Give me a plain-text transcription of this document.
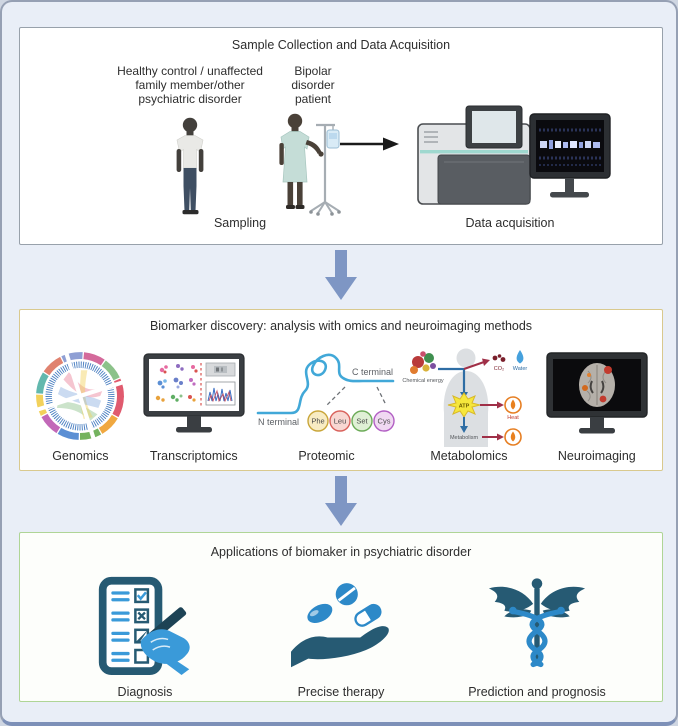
Sample Collection and Data Acquisition
Healthy control / unaffected
family member/other
psychiatric disorder
Bipolar
disorder
patient
Sampling	Data acquisition
Biomarker discovery: analysis with omics and neuroimaging methods
Genomics	Transcriptomics
N terminal
C terminal
Phe Leu Set Cys
Proteomic
Chemical energy
CO₂ Water
ATP
Heat
Metabolism
Metabolomics	Neuroimaging
Applications of biomaker in psychiatric disorder
Diagnosis	Precise therapy	Prediction and prognosis
